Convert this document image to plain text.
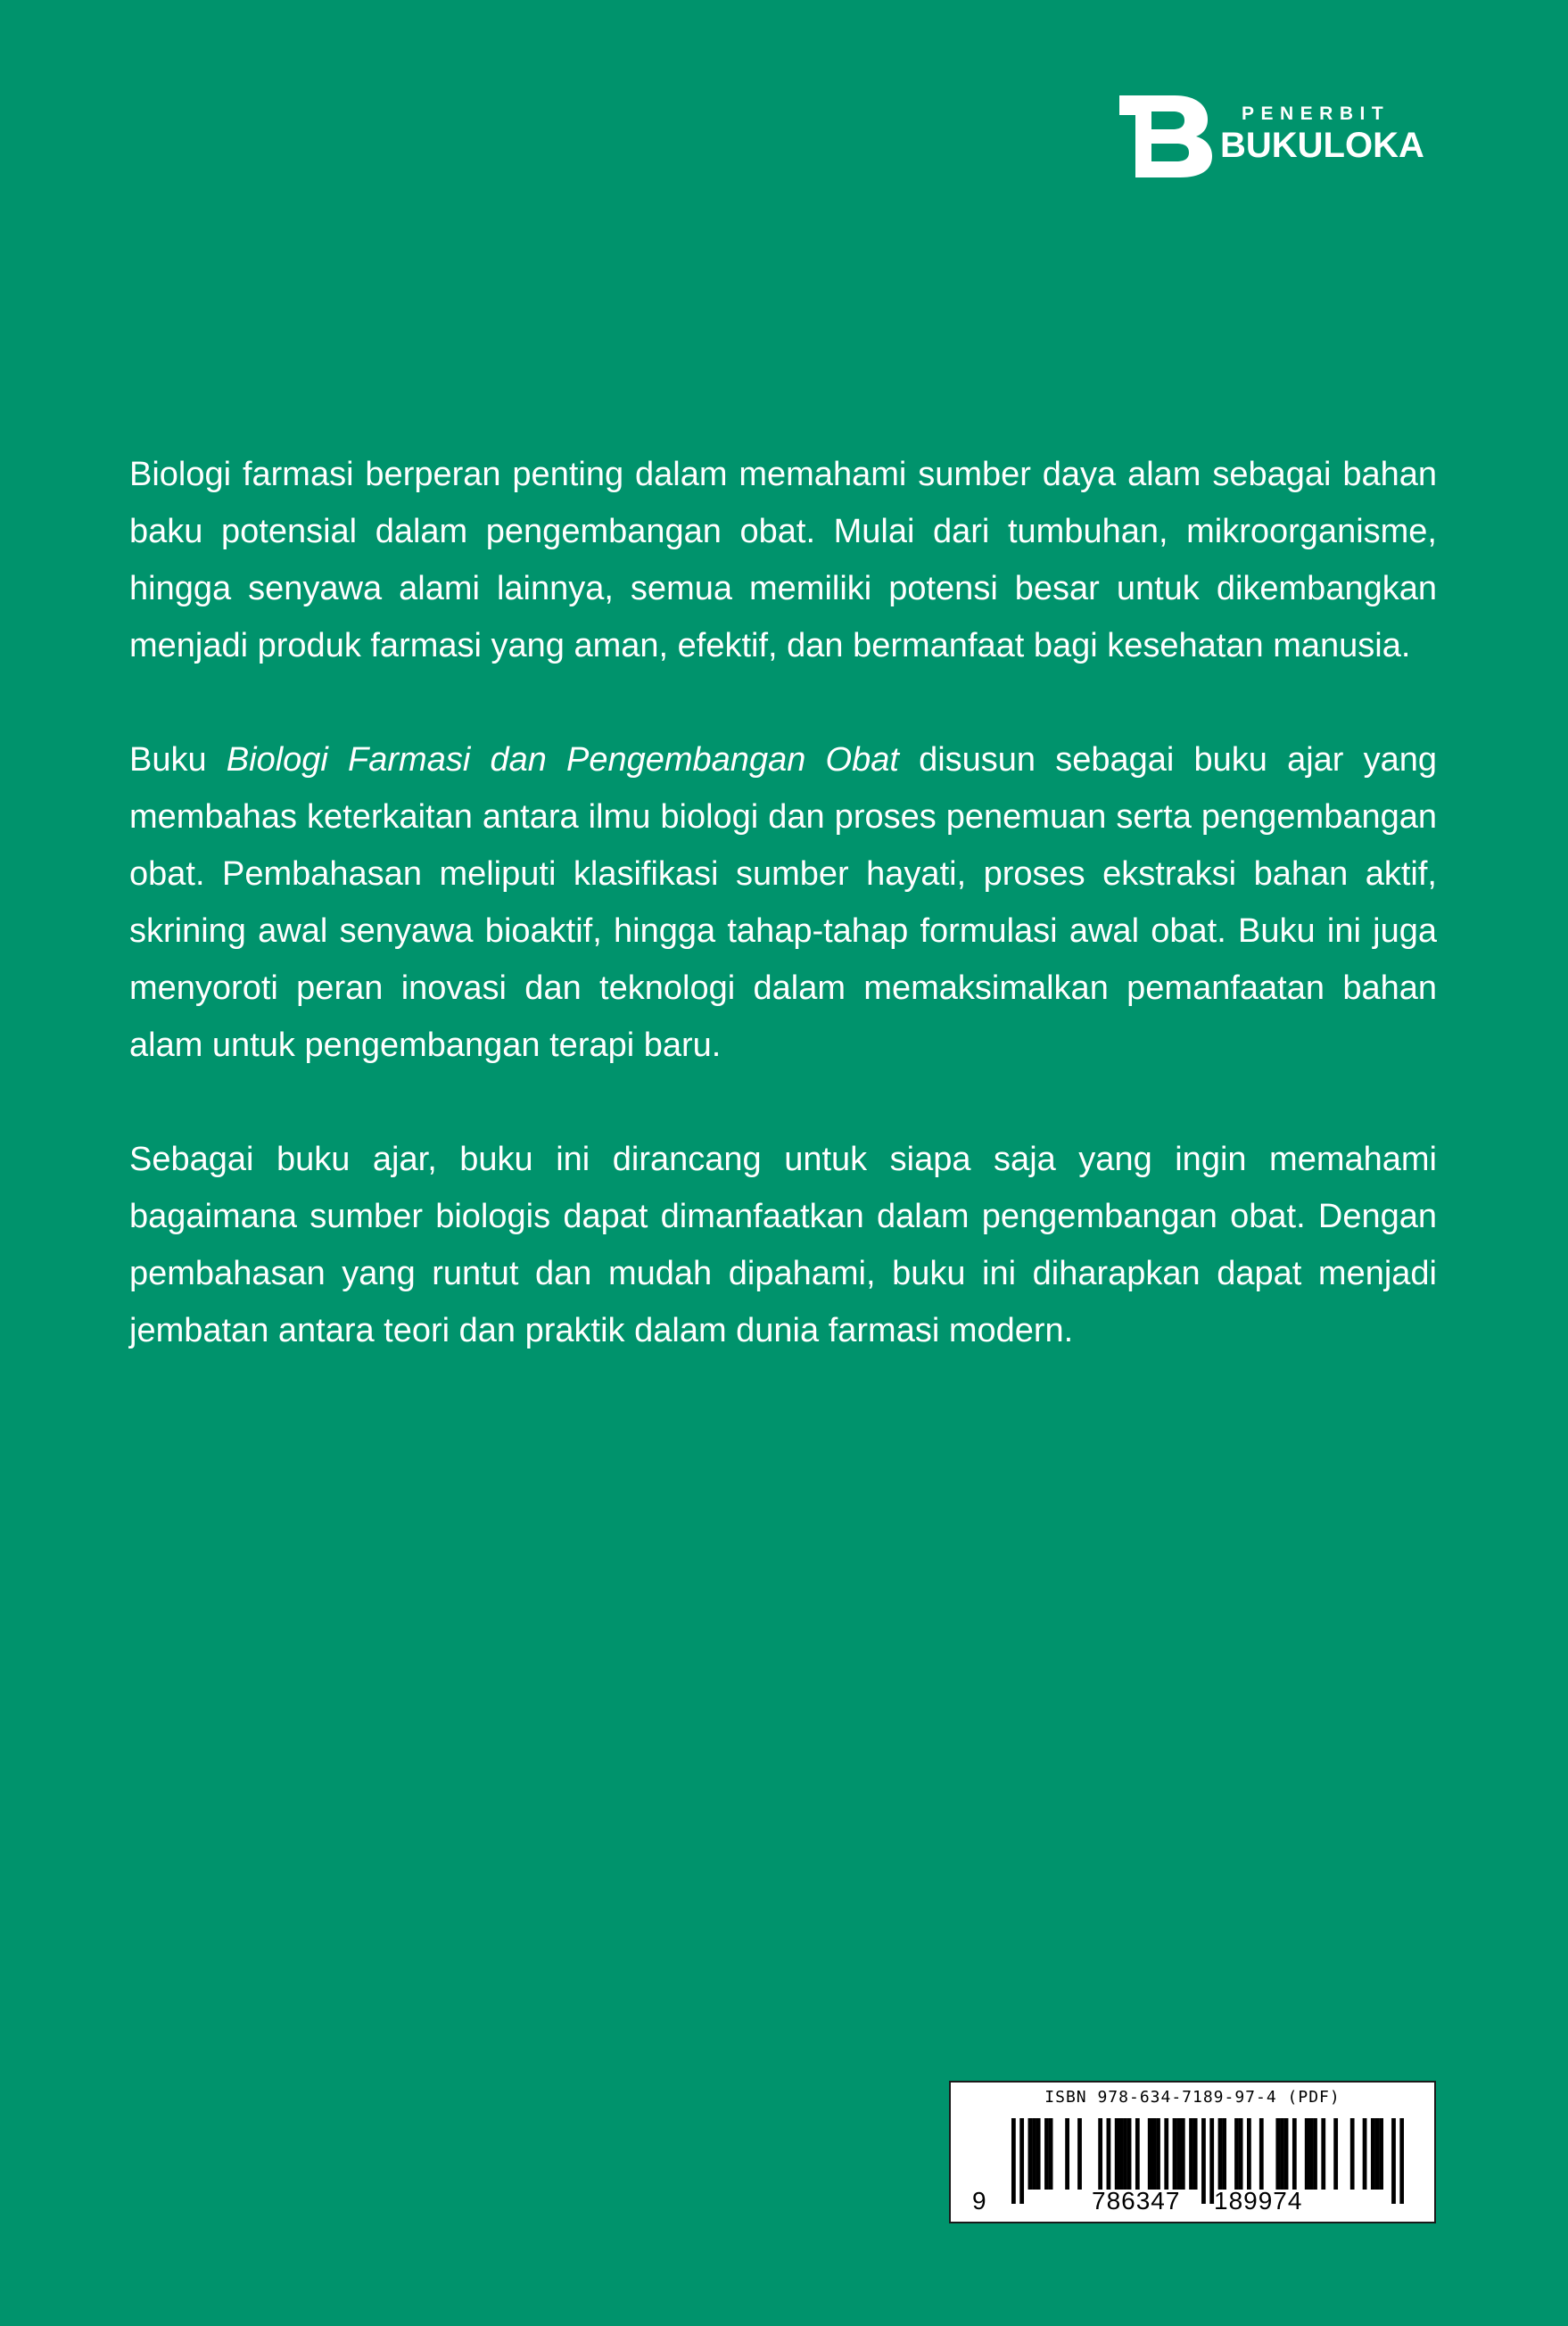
PENERBIT
BUKULOKA

Biologi farmasi berperan penting dalam memahami sumber daya alam sebagai bahan baku potensial dalam pengembangan obat. Mulai dari tumbuhan, mikroorganisme, hingga senyawa alami lainnya, semua memiliki potensi besar untuk dikembangkan menjadi produk farmasi yang aman, efektif, dan bermanfaat bagi kesehatan manusia.

Buku Biologi Farmasi dan Pengembangan Obat disusun sebagai buku ajar yang membahas keterkaitan antara ilmu biologi dan proses penemuan serta pengembangan obat. Pembahasan meliputi klasifikasi sumber hayati, proses ekstraksi bahan aktif, skrining awal senyawa bioaktif, hingga tahap-tahap formulasi awal obat. Buku ini juga menyoroti peran inovasi dan teknologi dalam memaksimalkan pemanfaatan bahan alam untuk pengembangan terapi baru.

Sebagai buku ajar, buku ini dirancang untuk siapa saja yang ingin memahami bagaimana sumber biologis dapat dimanfaatkan dalam pengembangan obat. Dengan pembahasan yang runtut dan mudah dipahami, buku ini diharapkan dapat menjadi jembatan antara teori dan praktik dalam dunia farmasi modern.

ISBN 978-634-7189-97-4 (PDF)
9	786347 189974
